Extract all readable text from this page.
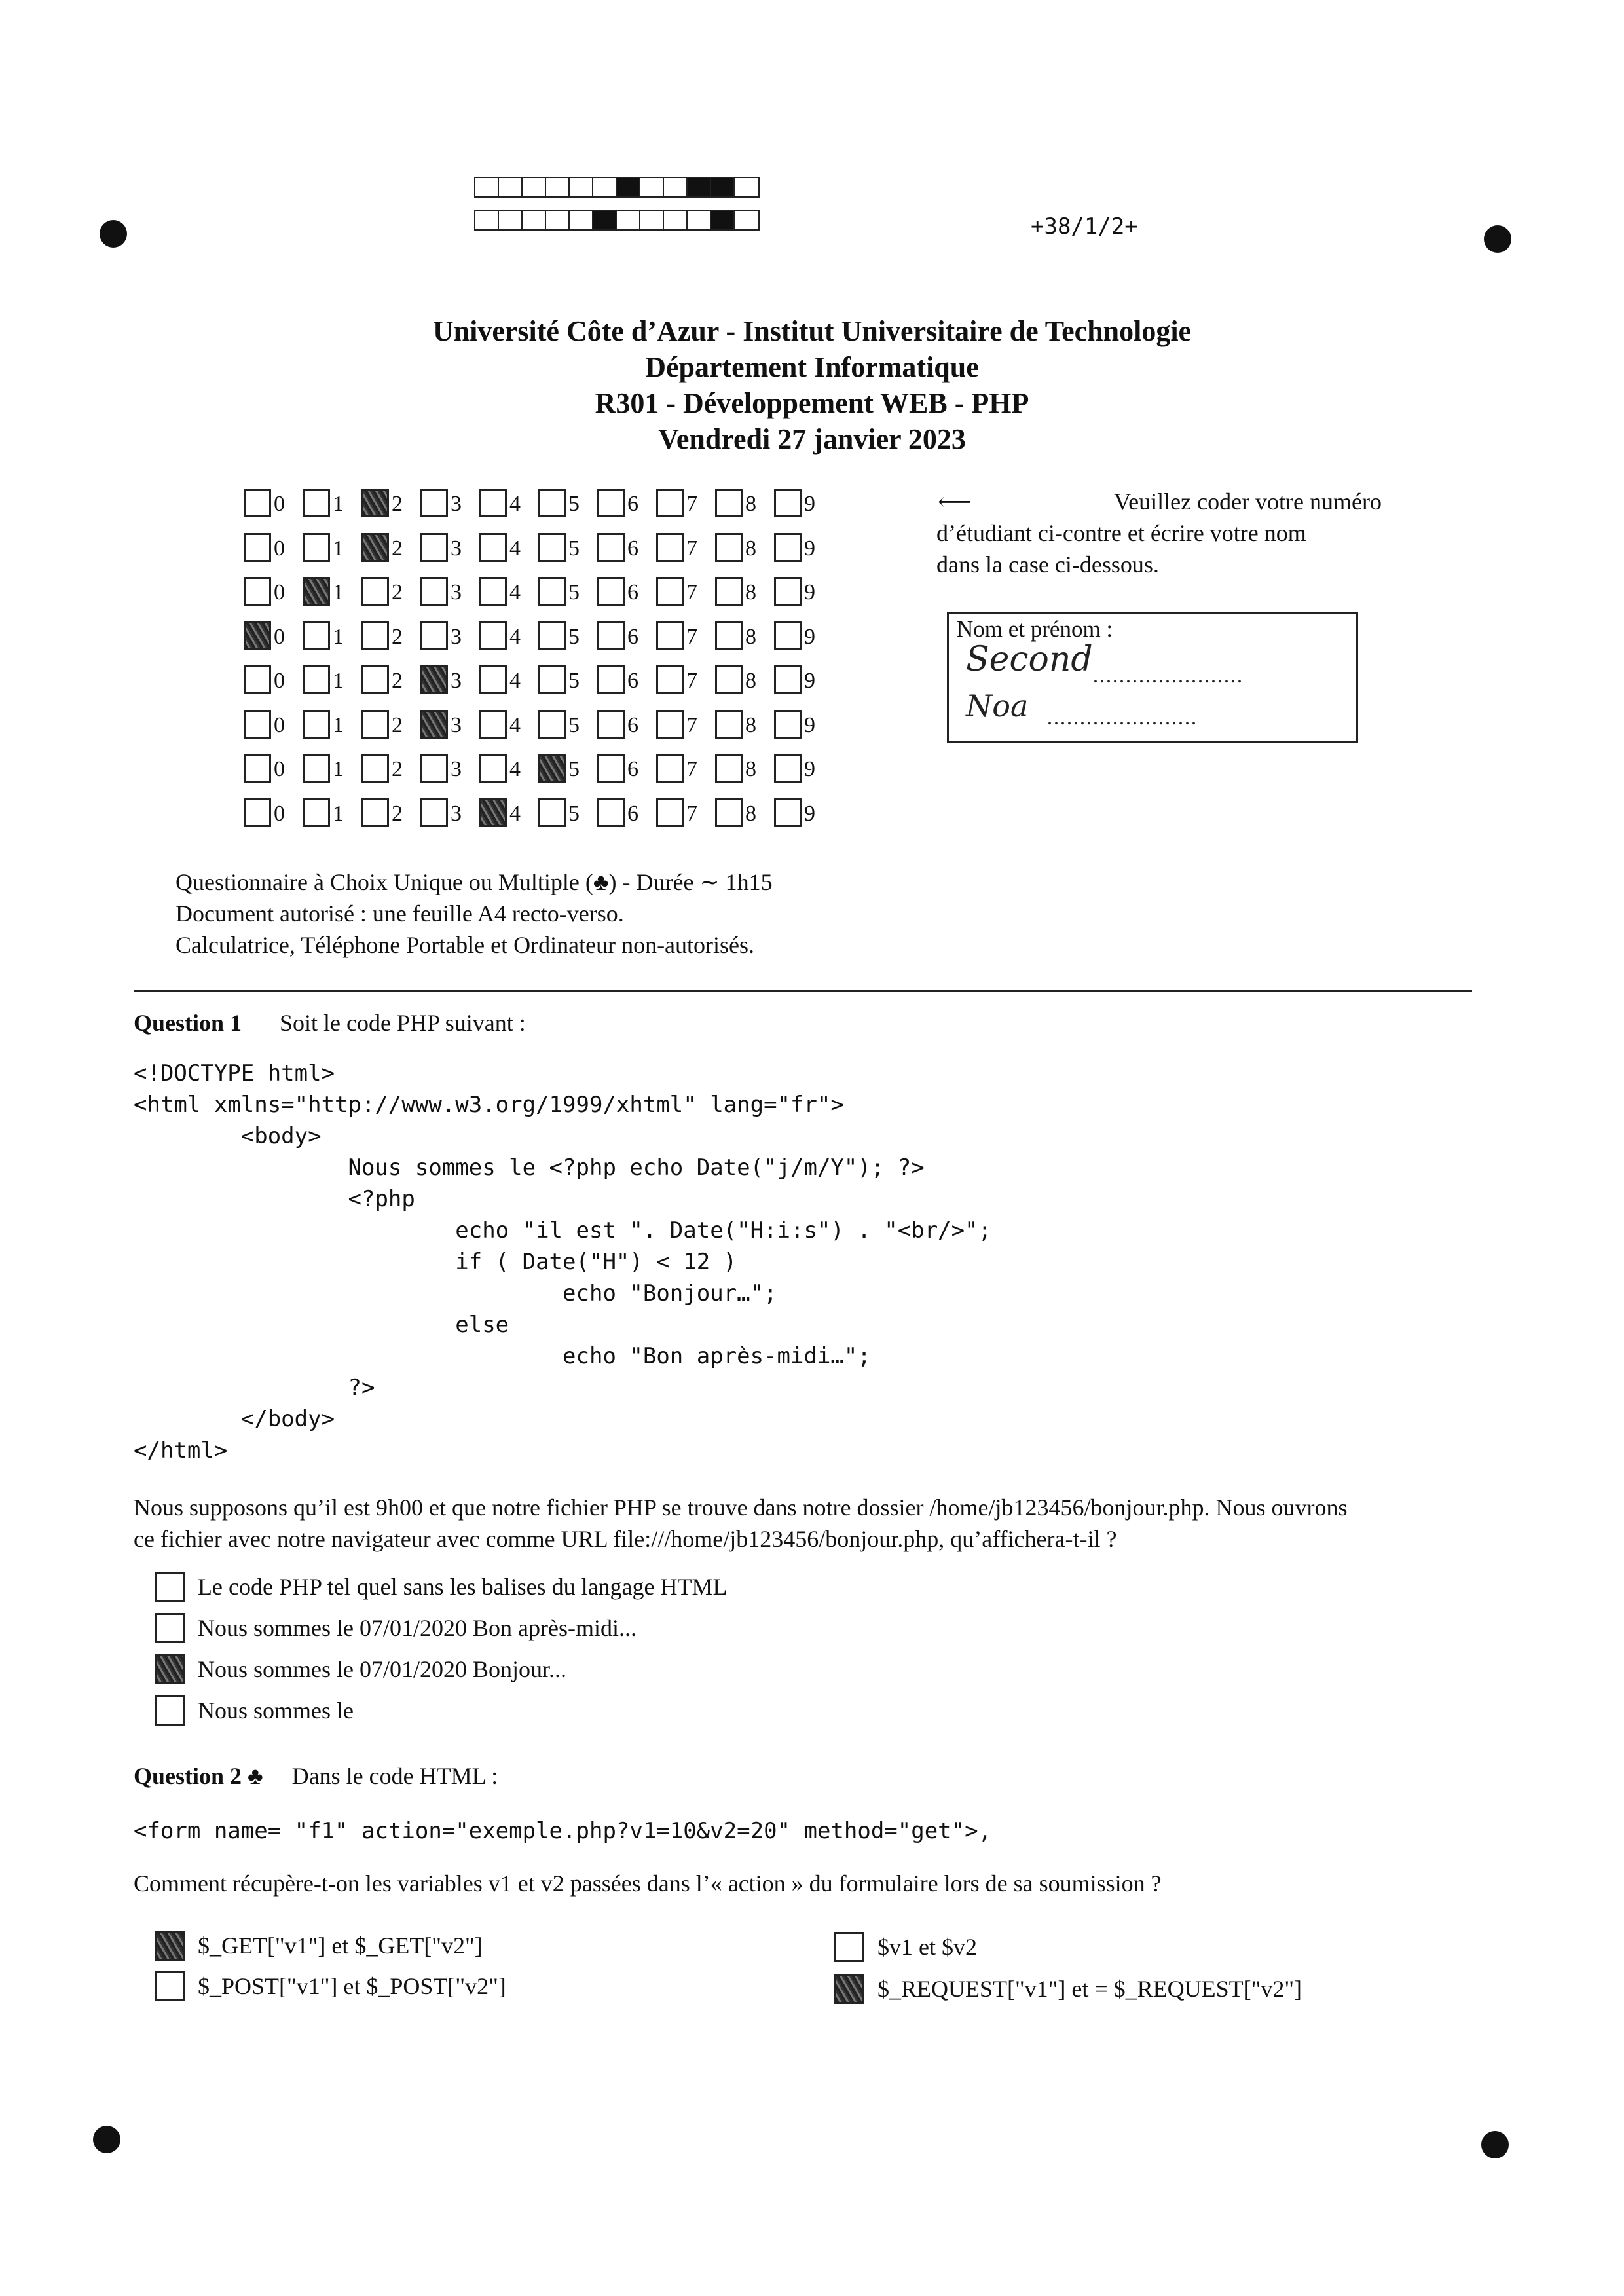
+38/1/2+
Université Côte d’Azur - Institut Universitaire de Technologie
Département Informatique
R301 - Développement WEB - PHP
Vendredi 27 janvier 2023
0 1 2 3 4 5 6 7 8 9
0 1 2 3 4 5 6 7 8 9
0 1 2 3 4 5 6 7 8 9
0 1 2 3 4 5 6 7 8 9
0 1 2 3 4 5 6 7 8 9
0 1 2 3 4 5 6 7 8 9
0 1 2 3 4 5 6 7 8 9
0 1 2 3 4 5 6 7 8 9
⟵	Veuillez coder votre numéro
d’étudiant ci-contre et écrire votre nom
dans la case ci-dessous.
Nom et prénom :
Second .......................
Noa .......................
Questionnaire à Choix Unique ou Multiple (♣) - Durée ∼ 1h15
Document autorisé : une feuille A4 recto-verso.
Calculatrice, Téléphone Portable et Ordinateur non-autorisés.
Question 1 Soit le code PHP suivant :
<!DOCTYPE html>
<html xmlns="http://www.w3.org/1999/xhtml" lang="fr">
<body>
Nous sommes le <?php echo Date("j/m/Y"); ?>
<?php
echo "il est ". Date("H:i:s") . "<br/>";
if ( Date("H") < 12 )
echo "Bonjour…";
else
echo "Bon après-midi…";
?>
</body>
</html>
Nous supposons qu’il est 9h00 et que notre fichier PHP se trouve dans notre dossier /home/jb123456/bonjour.php. Nous ouvrons
ce fichier avec notre navigateur avec comme URL file:///home/jb123456/bonjour.php, qu’affichera-t-il ?
Le code PHP tel quel sans les balises du langage HTML
Nous sommes le 07/01/2020 Bon après-midi...
Nous sommes le 07/01/2020 Bonjour...
Nous sommes le
Question 2 ♣ Dans le code HTML :
<form name= "f1" action="exemple.php?v1=10&v2=20" method="get">,
Comment récupère-t-on les variables v1 et v2 passées dans l’« action » du formulaire lors de sa soumission ?
$_GET["v1"] et $_GET["v2"]	$v1 et $v2
$_POST["v1"] et $_POST["v2"]	$_REQUEST["v1"] et = $_REQUEST["v2"]
